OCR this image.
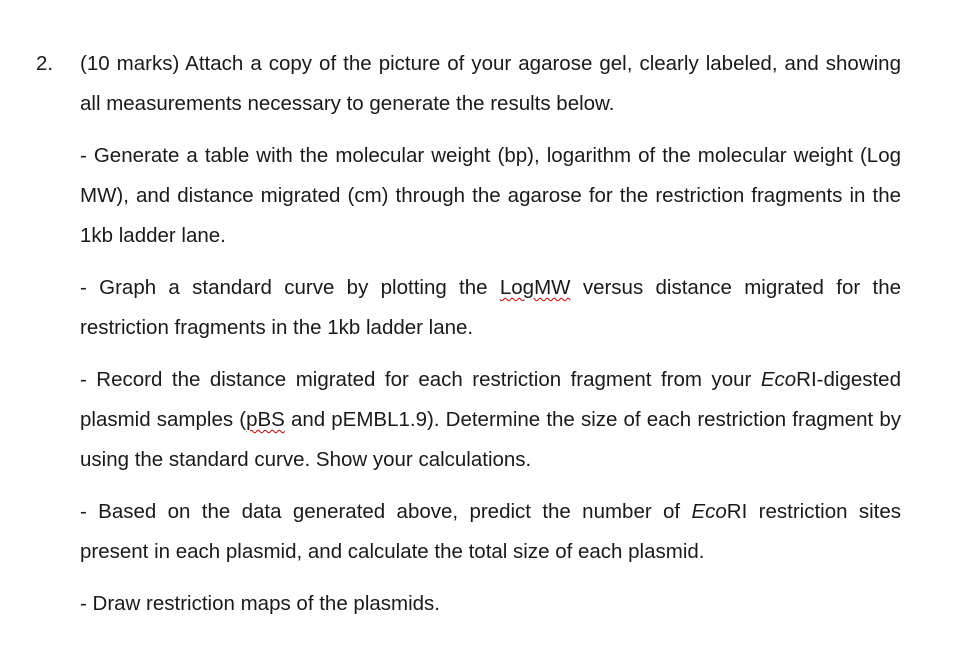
2. (10 marks) Attach a copy of the picture of your agarose gel, clearly labeled, and showing all measurements necessary to generate the results below.

- Generate a table with the molecular weight (bp), logarithm of the molecular weight (Log MW), and distance migrated (cm) through the agarose for the restriction fragments in the 1kb ladder lane.

- Graph a standard curve by plotting the LogMW versus distance migrated for the restriction fragments in the 1kb ladder lane.

- Record the distance migrated for each restriction fragment from your EcoRI-digested plasmid samples (pBS and pEMBL1.9). Determine the size of each restriction fragment by using the standard curve. Show your calculations.

- Based on the data generated above, predict the number of EcoRI restriction sites present in each plasmid, and calculate the total size of each plasmid.

- Draw restriction maps of the plasmids.
